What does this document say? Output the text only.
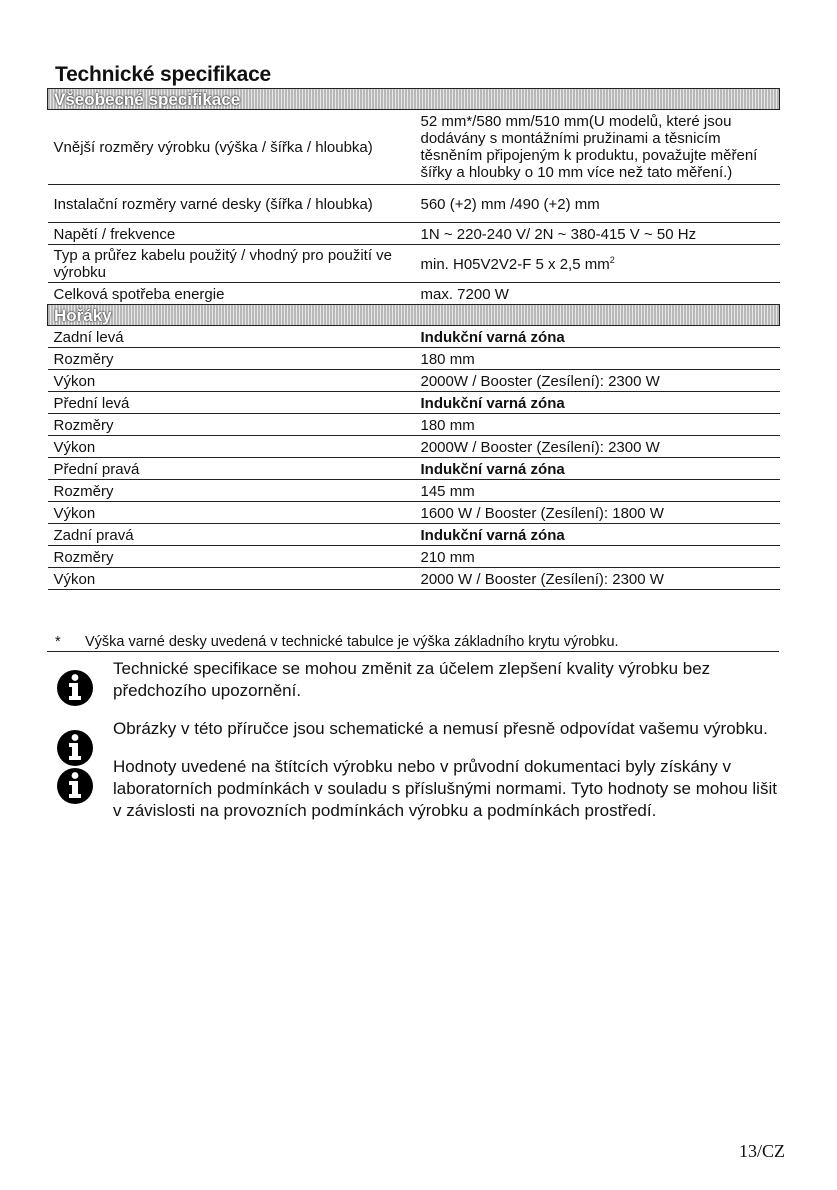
Technické specifikace
Všeobecné specifikace	
Vnější rozměry výrobku (výška / šířka / hloubka)	52 mm*/580 mm/510 mm(U modelů, které jsou dodávány s montážními pružinami a těsnicím těsněním připojeným k produktu, považujte měření šířky a hloubky o 10 mm více než tato měření.)
Instalační rozměry varné desky (šířka / hloubka)	560 (+2) mm /490 (+2) mm
Napětí / frekvence	1N ~ 220-240 V/ 2N ~ 380-415 V ~ 50 Hz
Typ a průřez kabelu použitý / vhodný pro použití ve výrobku	min. H05V2V2-F 5 x 2,5 $mm^2$
Celková spotřeba energie	max. 7200 W
Hořáky	
Zadní levá	Indukční varná zóna
Rozměry	180 mm
Výkon	2000W / Booster (Zesílení): 2300 W
Přední levá	Indukční varná zóna
Rozměry	180 mm
Výkon	2000W / Booster (Zesílení): 2300 W
Přední pravá	Indukční varná zóna
Rozměry	145 mm
Výkon	1600 W / Booster (Zesílení): 1800 W
Zadní pravá	Indukční varná zóna
Rozměry	210 mm
Výkon	2000 W / Booster (Zesílení): 2300 W
* Výška varné desky uvedená v technické tabulce je výška základního krytu výrobku.
Technické specifikace se mohou změnit za účelem zlepšení kvality výrobku bez předchozího upozornění.
Obrázky v této příručce jsou schematické a nemusí přesně odpovídat vašemu výrobku.
Hodnoty uvedené na štítcích výrobku nebo v průvodní dokumentaci byly získány v laboratorních podmínkách v souladu s příslušnými normami. Tyto hodnoty se mohou lišit v závislosti na provozních podmínkách výrobku a podmínkách prostředí.
13/CZ
